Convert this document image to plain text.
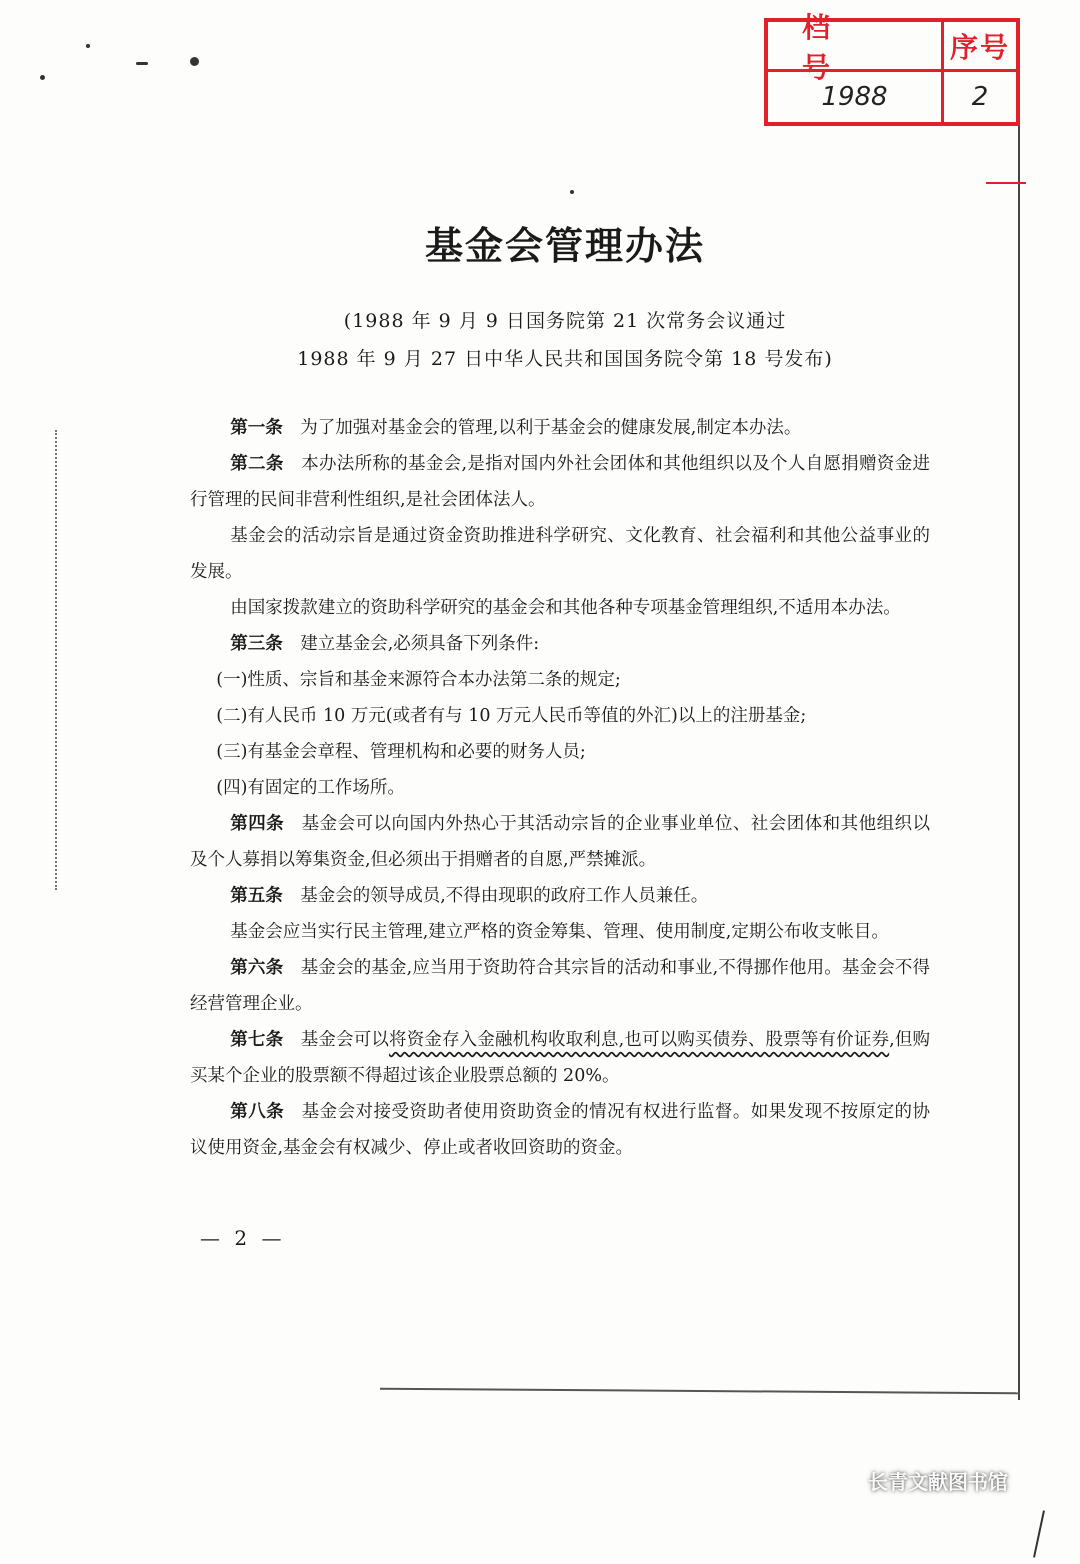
档 号
序号
1988	2
基金会管理办法
(1988 年 9 月 9 日国务院第 21 次常务会议通过
1988 年 9 月 27 日中华人民共和国国务院令第 18 号发布)

第一条 为了加强对基金会的管理,以利于基金会的健康发展,制定本办法。

第二条 本办法所称的基金会,是指对国内外社会团体和其他组织以及个人自愿捐赠资金进行管理的民间非营利性组织,是社会团体法人。

基金会的活动宗旨是通过资金资助推进科学研究、文化教育、社会福利和其他公益事业的发展。

由国家拨款建立的资助科学研究的基金会和其他各种专项基金管理组织,不适用本办法。

第三条 建立基金会,必须具备下列条件:

(一)性质、宗旨和基金来源符合本办法第二条的规定;

(二)有人民币 10 万元(或者有与 10 万元人民币等值的外汇)以上的注册基金;

(三)有基金会章程、管理机构和必要的财务人员;

(四)有固定的工作场所。

第四条 基金会可以向国内外热心于其活动宗旨的企业事业单位、社会团体和其他组织以及个人募捐以筹集资金,但必须出于捐赠者的自愿,严禁摊派。

第五条 基金会的领导成员,不得由现职的政府工作人员兼任。

基金会应当实行民主管理,建立严格的资金筹集、管理、使用制度,定期公布收支帐目。

第六条 基金会的基金,应当用于资助符合其宗旨的活动和事业,不得挪作他用。基金会不得经营管理企业。

第七条 基金会可以将资金存入金融机构收取利息,也可以购买债券、股票等有价证券,但购买某个企业的股票额不得超过该企业股票总额的 20%。

第八条 基金会对接受资助者使用资助资金的情况有权进行监督。如果发现不按原定的协议使用资金,基金会有权减少、停止或者收回资助的资金。

— 2 —
长青文献图书馆
